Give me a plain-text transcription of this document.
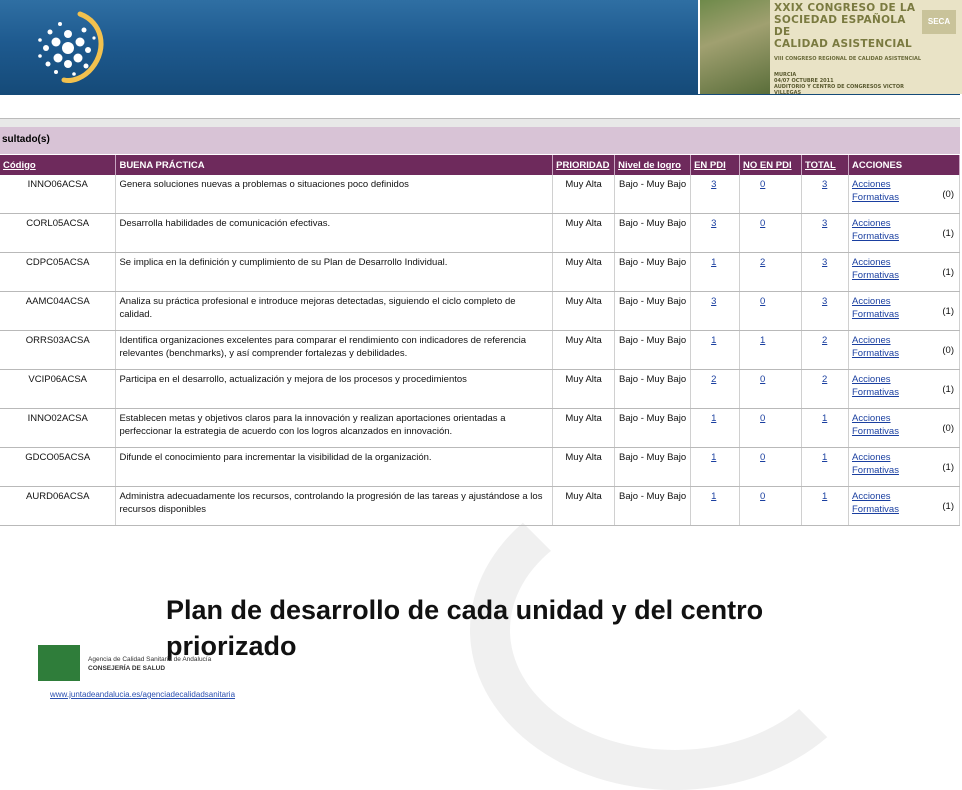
XXIX CONGRESO DE LA
SOCIEDAD ESPAÑOLA DE
CALIDAD ASISTENCIAL
VIII CONGRESO REGIONAL DE CALIDAD ASISTENCIAL
MURCIA
04/07 OCTUBRE 2011
AUDITORIO Y CENTRO DE CONGRESOS VICTOR VILLEGAS
SECA
sultado(s)
Código	BUENA PRÁCTICA	PRIORIDAD	Nivel de logro	EN PDI	NO EN PDI	TOTAL	ACCIONES
INNO06ACSA	Genera soluciones nuevas a problemas o situaciones poco definidos	Muy Alta	Bajo - Muy Bajo	3	0	3	Acciones Formativas (0)

CORL05ACSA	Desarrolla habilidades de comunicación efectivas.	Muy Alta	Bajo - Muy Bajo	3	0	3	Acciones Formativas (1)

CDPC05ACSA	Se implica en la definición y cumplimiento de su Plan de Desarrollo Individual.	Muy Alta	Bajo - Muy Bajo	1	2	3	Acciones Formativas (1)

AAMC04ACSA	Analiza su práctica profesional e introduce mejoras detectadas, siguiendo el ciclo completo de calidad.	Muy Alta	Bajo - Muy Bajo	3	0	3	Acciones Formativas (1)

ORRS03ACSA	Identifica organizaciones excelentes para comparar el rendimiento con indicadores de referencia relevantes (benchmarks), y así comprender fortalezas y debilidades.	Muy Alta	Bajo - Muy Bajo	1	1	2	Acciones Formativas (0)

VCIP06ACSA	Participa en el desarrollo, actualización y mejora de los procesos y procedimientos	Muy Alta	Bajo - Muy Bajo	2	0	2	Acciones Formativas (1)

INNO02ACSA	Establecen metas y objetivos claros para la innovación y realizan aportaciones orientadas a perfeccionar la estrategia de acuerdo con los logros alcanzados en innovación.	Muy Alta	Bajo - Muy Bajo	1	0	1	Acciones Formativas (0)

GDCO05ACSA	Difunde el conocimiento para incrementar la visibilidad de la organización.	Muy Alta	Bajo - Muy Bajo	1	0	1	Acciones Formativas (1)

AURD06ACSA	Administra adecuadamente los recursos, controlando la progresión de las tareas y ajustándose a los recursos disponibles	Muy Alta	Bajo - Muy Bajo	1	0	1	Acciones Formativas (1)
Plan de desarrollo de cada unidad y del centro priorizado
Agencia de Calidad Sanitaria de Andalucía
CONSEJERÍA DE SALUD
www.juntadeandalucia.es/agenciadecalidadsanitaria
